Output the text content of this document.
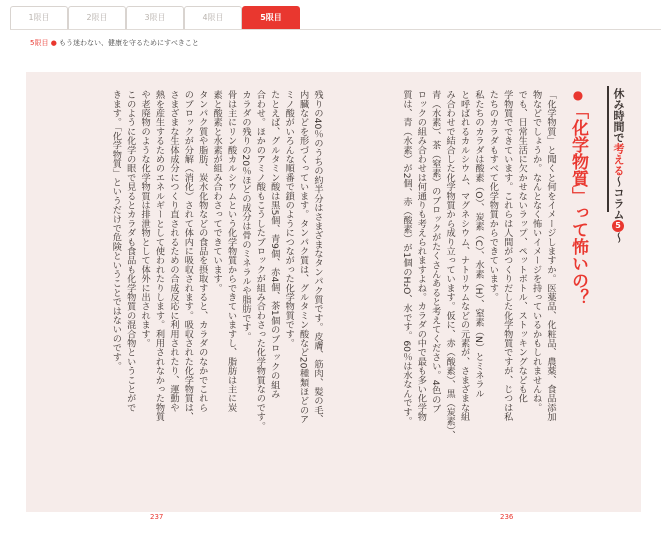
1限目	2限目	3限目	4限目	5限目
5限目 ● もう迷わない、健康を守るためにすべきこと
休み時間で考える～コラム5～
●「化学物質」って怖いの？

「化学物質」と聞くと何をイメージしますか。医薬品、化粧品、農薬、食品添加

物などでしょうか。なんとなく怖いイメージを持っているかもしれませんね。

でも、日常生活に欠かせないラップ、ペットボトル、ストッキングなども化

学物質でできています。これらは人間がつくりだした化学物質ですが、じつは私

たちのカラダもすべて化学物質からできています。

私たちのカラダは酸素（O）、炭素（C）、水素（H）、窒素（N）とミネラル

と呼ばれるカルシウム、マグネシウム、ナトリウムなどの元素が、さまざまな組

み合わせで結合した化学物質から成り立っています。仮に、赤（酸素）、黒（炭素）、

青（水素）、茶（窒素）のブロックがたくさんあると考えてください。4色のブ

ロックの組み合わせは何通りも考えられますよね。カラダの中で最も多い化学物

質は、青（水素）が2個、赤（酸素）が1個のH₂O、水です。60％は水なんです。

残りの40％のうちの約半分はさまざまなタンパク質です。皮膚、筋肉、髪の毛、

内臓などを形づくっています。タンパク質は、グルタミン酸など20種類ほどのア

ミノ酸がいろんな順番で鎖のようにつながった化学物質です。

たとえば、グルタミン酸は黒5個、青9個、赤4個、茶1個のブロックの組み

合わせ。ほかのアミノ酸もこうしたブロックが組み合わさった化学物質なのです。

カラダの残りの20％ほどの成分は骨のミネラルや脂肪です。

骨は主にリン酸カルシウムという化学物質からできていますし、脂肪は主に炭

素と酸素と水素が組み合わさってできています。

タンパク質や脂肪、炭水化物などの食品を摂取すると、カラダのなかでこれら

のブロックが分解（消化）されて体内に吸収されます。吸収された化学物質は、

さまざまな生体成分につくり直されるための合成反応に利用されたり、運動や

熱を産生するためのエネルギーとして使われたりします。利用されなかった物質

や老廃物のような化学物質は排泄物として体外に出されます。

このように化学の眼で見るとカラダも食品も化学物質の混合物ということがで

きます。「化学物質」というだけで危険ということではないのです。

237	236
